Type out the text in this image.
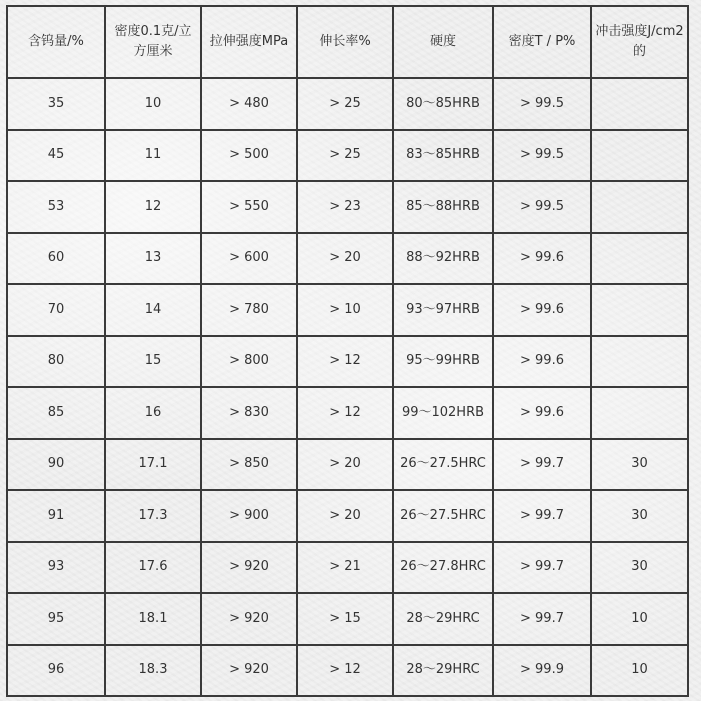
含钨量/%	密度0.1克/立方厘米	拉伸强度MPa	伸长率%	硬度	密度T / P%	冲击强度J/cm2的
35	10	> 480	> 25	80～85HRB	> 99.5	
45	11	> 500	> 25	83～85HRB	> 99.5	
53	12	> 550	> 23	85～88HRB	> 99.5	
60	13	> 600	> 20	88～92HRB	> 99.6	
70	14	> 780	> 10	93～97HRB	> 99.6	
80	15	> 800	> 12	95～99HRB	> 99.6	
85	16	> 830	> 12	99～102HRB	> 99.6	
90	17.1	> 850	> 20	26～27.5HRC	> 99.7	30
91	17.3	> 900	> 20	26～27.5HRC	> 99.7	30
93	17.6	> 920	> 21	26～27.8HRC	> 99.7	30
95	18.1	> 920	> 15	28～29HRC	> 99.7	10
96	18.3	> 920	> 12	28～29HRC	> 99.9	10
